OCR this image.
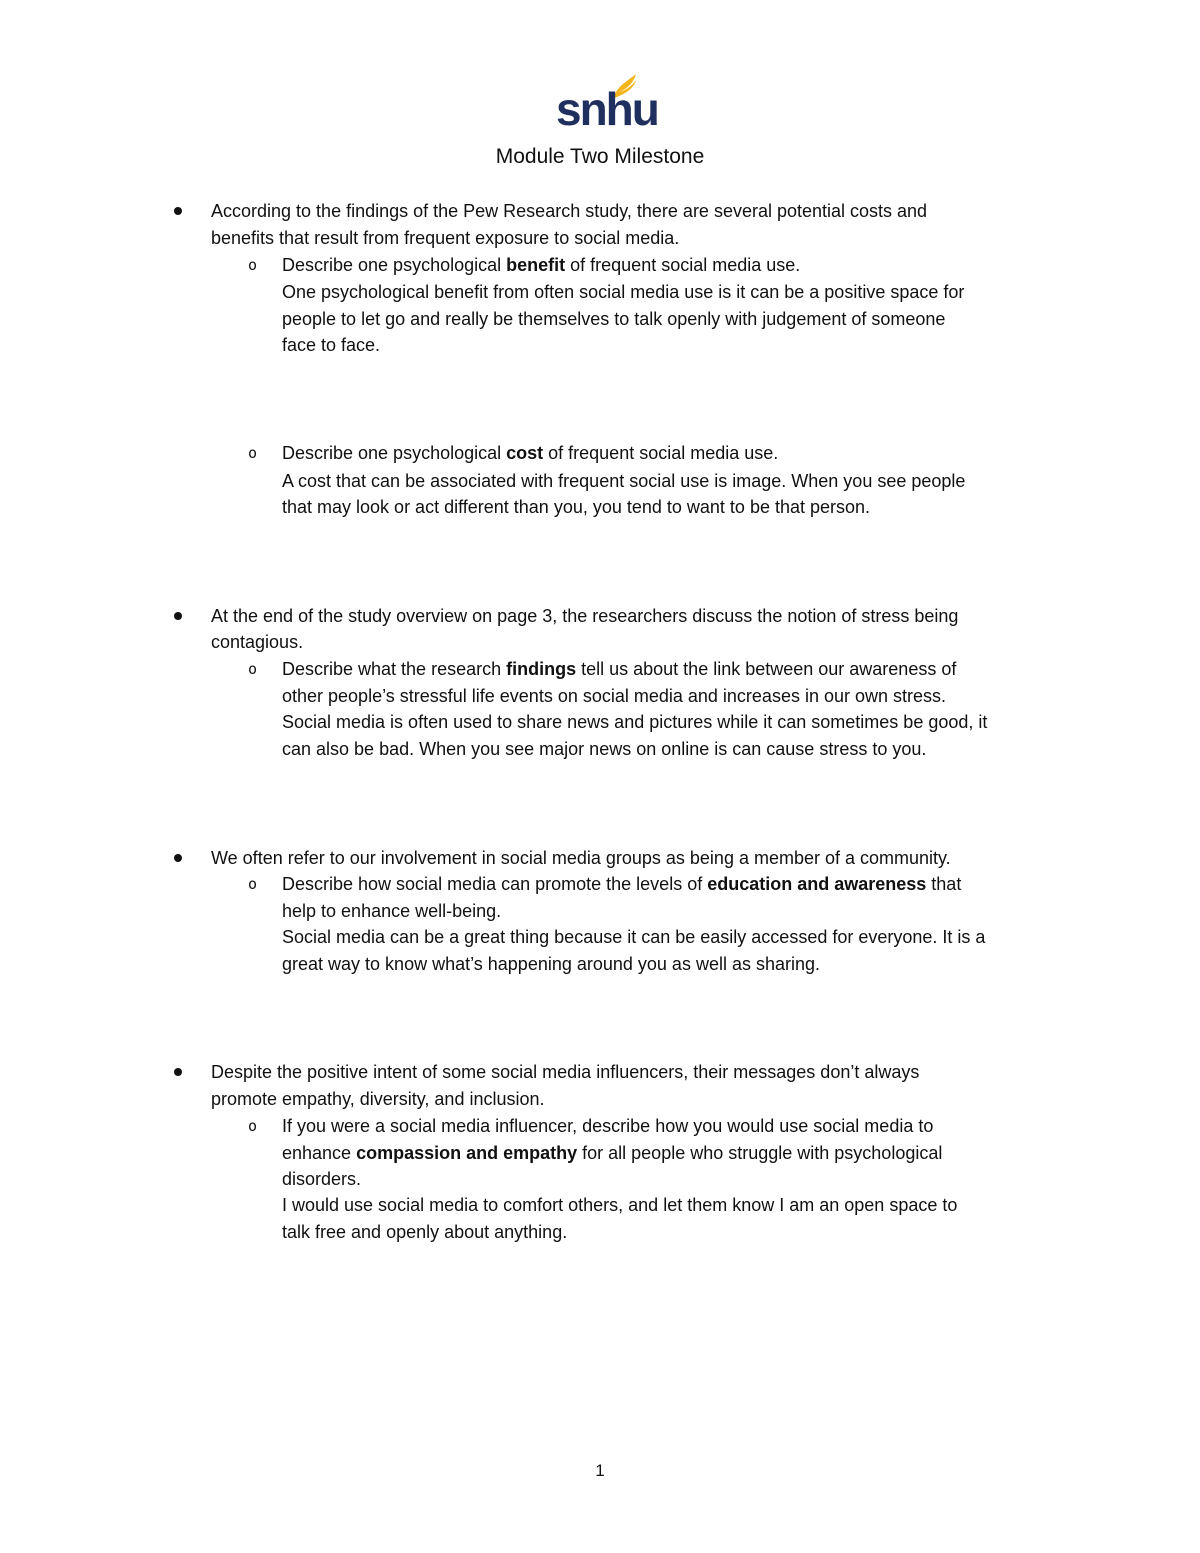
snhu
Module Two Milestone
According to the findings of the Pew Research study, there are several potential costs and
benefits that result from frequent exposure to social media.
o Describe one psychological benefit of frequent social media use.
One psychological benefit from often social media use is it can be a positive space for
people to let go and really be themselves to talk openly with judgement of someone
face to face.
o Describe one psychological cost of frequent social media use.
A cost that can be associated with frequent social use is image. When you see people
that may look or act different than you, you tend to want to be that person.
At the end of the study overview on page 3, the researchers discuss the notion of stress being
contagious.
o Describe what the research findings tell us about the link between our awareness of
other people’s stressful life events on social media and increases in our own stress.
Social media is often used to share news and pictures while it can sometimes be good, it
can also be bad. When you see major news on online is can cause stress to you.
We often refer to our involvement in social media groups as being a member of a community.
o Describe how social media can promote the levels of education and awareness that
help to enhance well-being.
Social media can be a great thing because it can be easily accessed for everyone. It is a
great way to know what’s happening around you as well as sharing.
Despite the positive intent of some social media influencers, their messages don’t always
promote empathy, diversity, and inclusion.
o If you were a social media influencer, describe how you would use social media to
enhance compassion and empathy for all people who struggle with psychological
disorders.
I would use social media to comfort others, and let them know I am an open space to
talk free and openly about anything.
1
